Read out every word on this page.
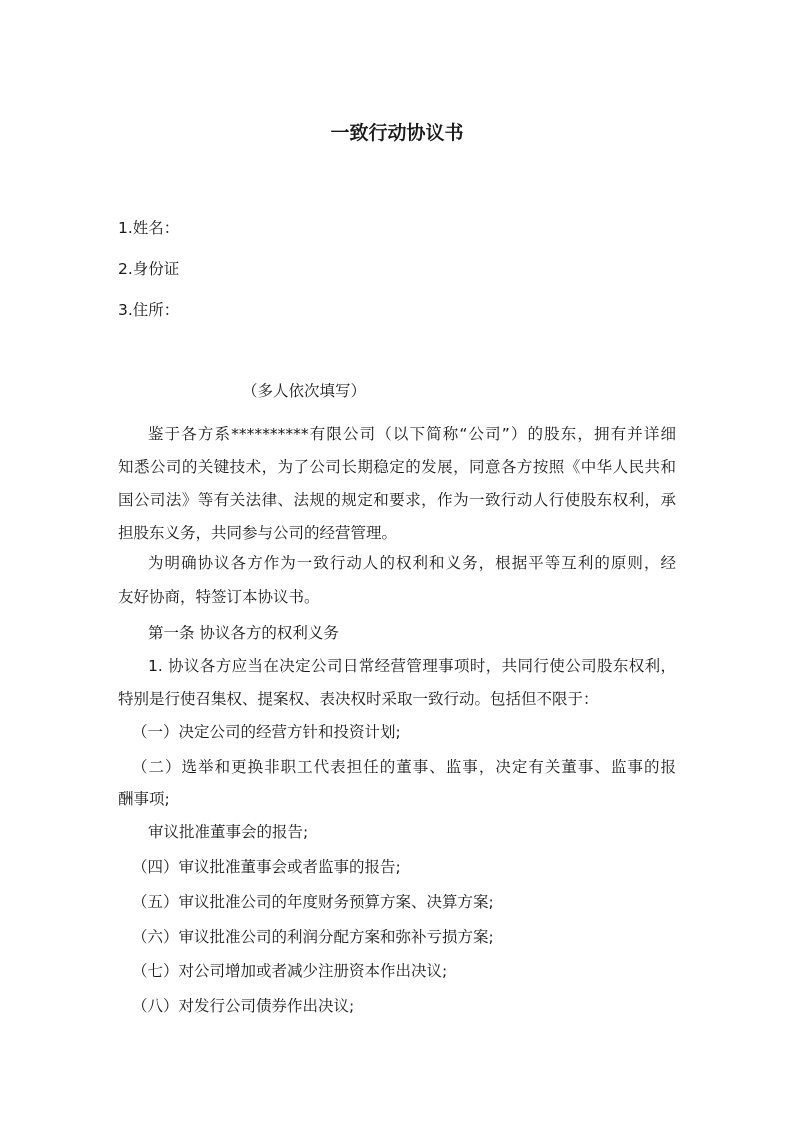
一致行动协议书
1.姓名：
2.身份证
3.住所：
（多人依次填写）
鉴于各方系**********有限公司（以下简称“公司”）的股东，拥有并详细
知悉公司的关键技术，为了公司长期稳定的发展，同意各方按照《中华人民共和
国公司法》等有关法律、法规的规定和要求，作为一致行动人行使股东权利，承
担股东义务，共同参与公司的经营管理。
为明确协议各方作为一致行动人的权利和义务，根据平等互利的原则，经
友好协商，特签订本协议书。
第一条 协议各方的权利义务
1. 协议各方应当在决定公司日常经营管理事项时，共同行使公司股东权利，
特别是行使召集权、提案权、表决权时采取一致行动。包括但不限于：
（一）决定公司的经营方针和投资计划;
（二）选举和更换非职工代表担任的董事、监事，决定有关董事、监事的报
酬事项;
审议批准董事会的报告;
（四）审议批准董事会或者监事的报告;
（五）审议批准公司的年度财务预算方案、决算方案;
（六）审议批准公司的利润分配方案和弥补亏损方案;
（七）对公司增加或者减少注册资本作出决议;
（八）对发行公司债券作出决议;
